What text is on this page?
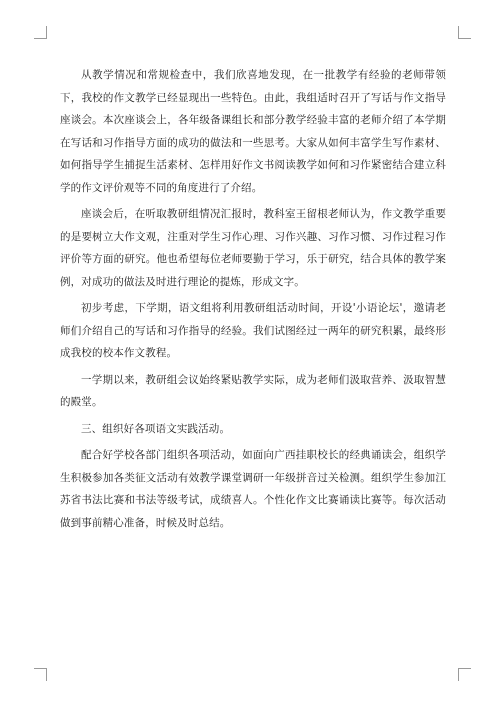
从教学情况和常规检查中，我们欣喜地发现，在一批教学有经验的老师带领下，我校的作文教学已经显现出一些特色。由此，我组适时召开了写话与作文指导座谈会。本次座谈会上，各年级备课组长和部分教学经验丰富的老师介绍了本学期在写话和习作指导方面的成功的做法和一些思考。大家从如何丰富学生写作素材、如何指导学生捕捉生活素材、怎样用好作文书阅读教学如何和习作紧密结合建立科学的作文评价观等不同的角度进行了介绍。

座谈会后，在听取教研组情况汇报时，教科室王留根老师认为，作文教学重要的是要树立大作文观，注重对学生习作心理、习作兴趣、习作习惯、习作过程习作评价等方面的研究。他也希望每位老师要勤于学习，乐于研究，结合具体的教学案例，对成功的做法及时进行理论的提炼，形成文字。

初步考虑，下学期，语文组将利用教研组活动时间，开设'小语论坛'，邀请老师们介绍自己的写话和习作指导的经验。我们试图经过一两年的研究积累，最终形成我校的校本作文教程。

一学期以来，教研组会议始终紧贴教学实际，成为老师们汲取营养、汲取智慧的殿堂。

三、组织好各项语文实践活动。

配合好学校各部门组织各项活动，如面向广西挂职校长的经典诵读会，组织学生积极参加各类征文活动有效教学课堂调研一年级拼音过关检测。组织学生参加江苏省书法比赛和书法等级考试，成绩喜人。个性化作文比赛诵读比赛等。每次活动做到事前精心准备，时候及时总结。
